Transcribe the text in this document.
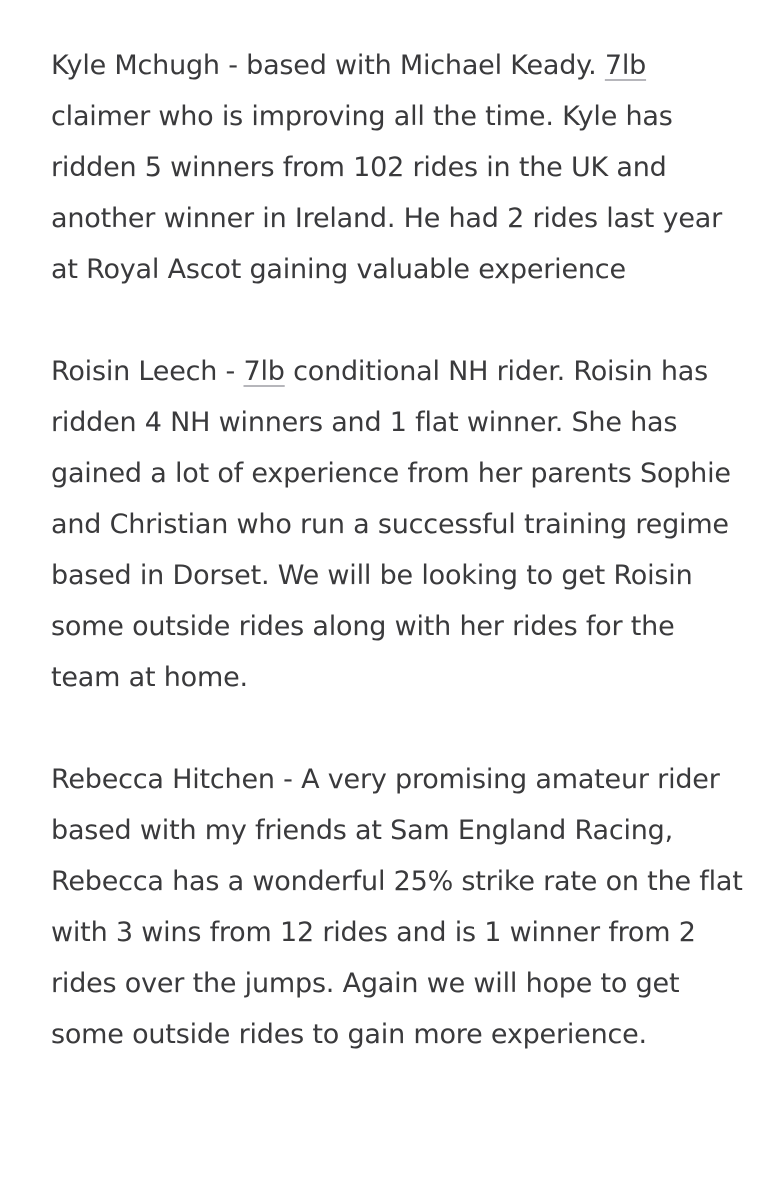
Kyle Mchugh - based with Michael Keady. 7lb claimer who is improving all the time. Kyle has ridden 5 winners from 102 rides in the UK and another winner in Ireland. He had 2 rides last year at Royal Ascot gaining valuable experience

Roisin Leech - 7lb conditional NH rider. Roisin has ridden 4 NH winners and 1 flat winner. She has gained a lot of experience from her parents Sophie and Christian who run a successful training regime based in Dorset. We will be looking to get Roisin some outside rides along with her rides for the team at home.

Rebecca Hitchen - A very promising amateur rider based with my friends at Sam England Racing, Rebecca has a wonderful 25% strike rate on the flat with 3 wins from 12 rides and is 1 winner from 2 rides over the jumps. Again we will hope to get some outside rides to gain more experience.
